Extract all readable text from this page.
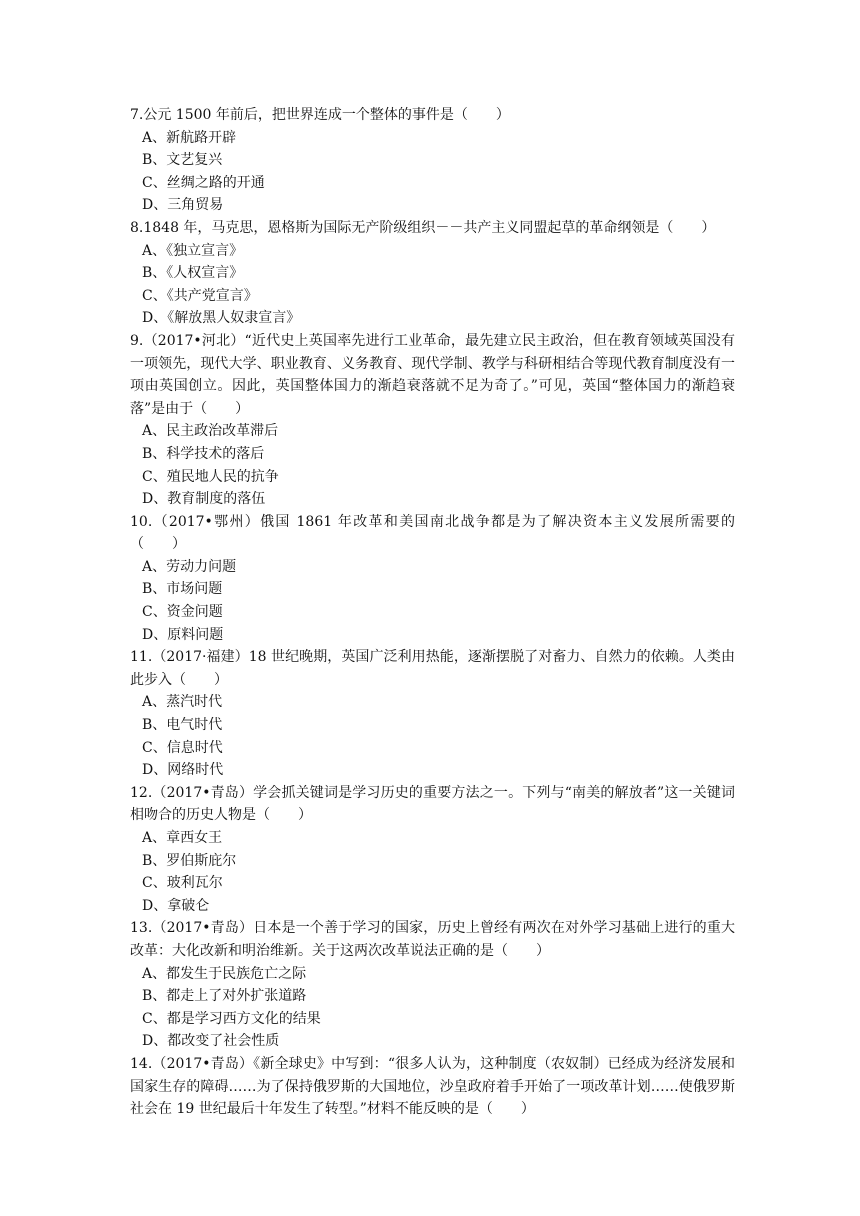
7.公元 1500 年前后，把世界连成一个整体的事件是（　　）
A、新航路开辟
B、文艺复兴
C、丝绸之路的开通
D、三角贸易
8.1848 年，马克思，恩格斯为国际无产阶级组织－－共产主义同盟起草的革命纲领是（　　）
A、《独立宣言》
B、《人权宣言》
C、《共产党宣言》
D、《解放黑人奴隶宣言》
9.（2017•河北）“近代史上英国率先进行工业革命，最先建立民主政治，但在教育领域英国没有一项领先，现代大学、职业教育、义务教育、现代学制、教学与科研相结合等现代教育制度没有一项由英国创立。因此，英国整体国力的渐趋衰落就不足为奇了。”可见，英国“整体国力的渐趋衰落”是由于（　　）
A、民主政治改革滞后
B、科学技术的落后
C、殖民地人民的抗争
D、教育制度的落伍
10.（2017•鄂州）俄国 1861 年改革和美国南北战争都是为了解决资本主义发展所需要的（　　）
A、劳动力问题
B、市场问题
C、资金问题
D、原料问题
11.（2017·福建）18 世纪晚期，英国广泛利用热能，逐渐摆脱了对畜力、自然力的依赖。人类由此步入（　　）
A、蒸汽时代
B、电气时代
C、信息时代
D、网络时代
12.（2017•青岛）学会抓关键词是学习历史的重要方法之一。下列与“南美的解放者”这一关键词相吻合的历史人物是（　　）
A、章西女王
B、罗伯斯庇尔
C、玻利瓦尔
D、拿破仑
13.（2017•青岛）日本是一个善于学习的国家，历史上曾经有两次在对外学习基础上进行的重大改革：大化改新和明治维新。关于这两次改革说法正确的是（　　）
A、都发生于民族危亡之际
B、都走上了对外扩张道路
C、都是学习西方文化的结果
D、都改变了社会性质
14.（2017•青岛）《新全球史》中写到：“很多人认为，这种制度（农奴制）已经成为经济发展和国家生存的障碍……为了保持俄罗斯的大国地位，沙皇政府着手开始了一项改革计划……使俄罗斯社会在 19 世纪最后十年发生了转型。”材料不能反映的是（　　）
